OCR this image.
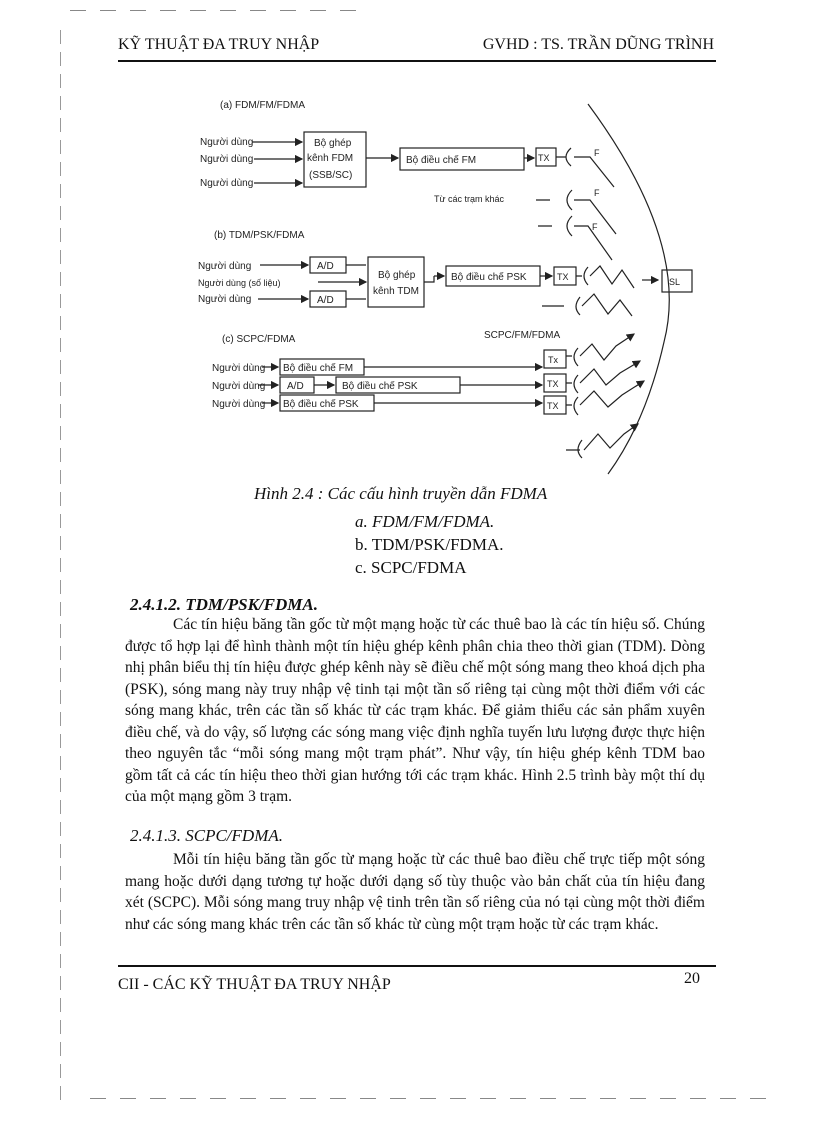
KỸ THUẬT ĐA TRUY NHẬP	GVHD : TS. TRẦN DŨNG TRÌNH
(a) FDM/FM/FDMA
Người dùng
Người dùng
Người dùng
Bộ ghép
kênh FDM
(SSB/SC)
Bộ điều chế FM	TX
Từ các trạm khác
F
F
F
(b) TDM/PSK/FDMA
Người dùng
Người dùng (số liệu)
Người dùng
A/D
A/D
Bộ ghép
kênh TDM
Bộ điều chế PSK	TX	SL
(c) SCPC/FDMA	SCPC/FM/FDMA
Người dùng
Người dùng
Người dùng
Bộ điều chế FM
A/D	Bộ điều chế PSK
Bộ điều chế PSK
Tx
TX
TX
Hình 2.4 : Các cấu hình truyền dẫn FDMA
a. FDM/FM/FDMA.
b. TDM/PSK/FDMA.
c. SCPC/FDMA
2.4.1.2. TDM/PSK/FDMA.

Các tín hiệu băng tần gốc từ một mạng hoặc từ các thuê bao là các tín hiệu số. Chúng được tổ hợp lại để hình thành một tín hiệu ghép kênh phân chia theo thời gian (TDM). Dòng nhị phân biểu thị tín hiệu được ghép kênh này sẽ điều chế một sóng mang theo khoá dịch pha (PSK), sóng mang này truy nhập vệ tinh tại một tần số riêng tại cùng một thời điểm với các sóng mang khác, trên các tần số khác từ các trạm khác. Để giảm thiểu các sản phẩm xuyên điều chế, và do vậy, số lượng các sóng mang việc định nghĩa tuyến lưu lượng được thực hiện theo nguyên tắc “mỗi sóng mang một trạm phát”. Như vậy, tín hiệu ghép kênh TDM bao gồm tất cả các tín hiệu theo thời gian hướng tới các trạm khác. Hình 2.5 trình bày một thí dụ của một mạng gồm 3 trạm.

2.4.1.3. SCPC/FDMA.

Mỗi tín hiệu băng tần gốc từ mạng hoặc từ các thuê bao điều chế trực tiếp một sóng mang hoặc dưới dạng tương tự hoặc dưới dạng số tùy thuộc vào bản chất của tín hiệu đang xét (SCPC). Mỗi sóng mang truy nhập vệ tinh trên tần số riêng của nó tại cùng một thời điểm như các sóng mang khác trên các tần số khác từ cùng một trạm hoặc từ các trạm khác.

CII - CÁC KỸ THUẬT ĐA TRUY NHẬP	20
